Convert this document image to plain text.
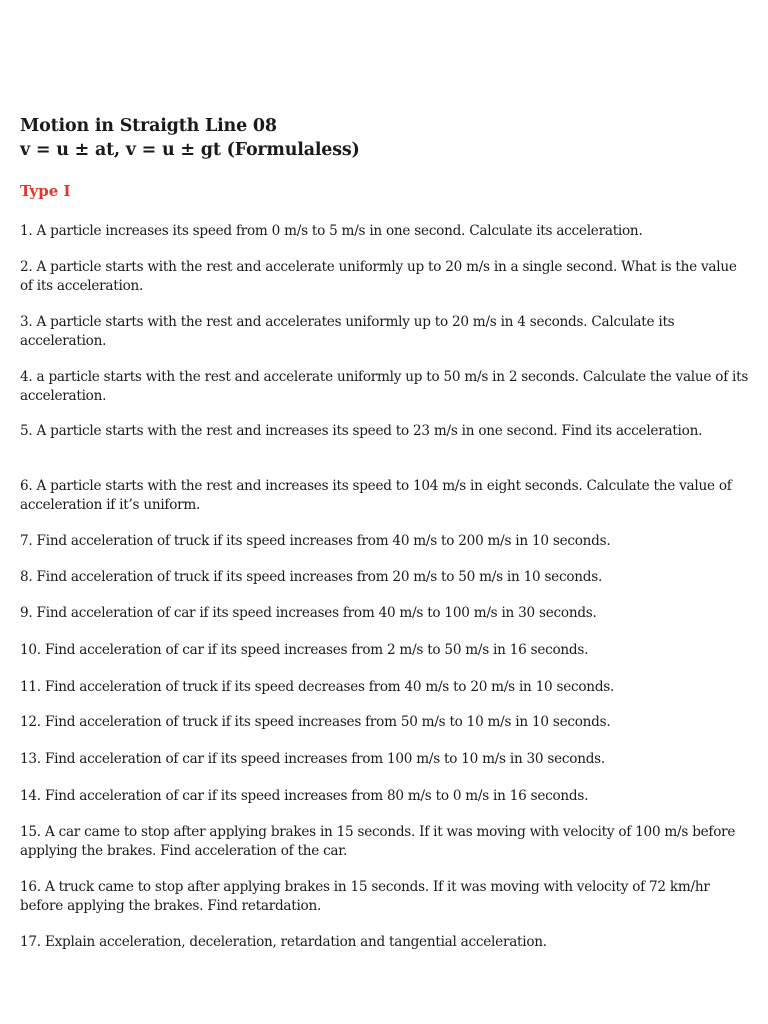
Motion in Straigth Line 08
v = u ± at, v = u ± gt (Formulaless)
Type I
1. A particle increases its speed from 0 m/s to 5 m/s in one second. Calculate its acceleration.
2. A particle starts with the rest and accelerate uniformly up to 20 m/s in a single second. What is the value of its acceleration.
3. A particle starts with the rest and accelerates uniformly up to 20 m/s in 4 seconds. Calculate its acceleration.
4. a particle starts with the rest and accelerate uniformly up to 50 m/s in 2 seconds. Calculate the value of its acceleration.
5. A particle starts with the rest and increases its speed to 23 m/s in one second. Find its acceleration.
6. A particle starts with the rest and increases its speed to 104 m/s in eight seconds. Calculate the value of acceleration if it’s uniform.
7. Find acceleration of truck if its speed increases from 40 m/s to 200 m/s in 10 seconds.
8. Find acceleration of truck if its speed increases from 20 m/s to 50 m/s in 10 seconds.
9. Find acceleration of car if its speed increases from 40 m/s to 100 m/s in 30 seconds.
10. Find acceleration of car if its speed increases from 2 m/s to 50 m/s in 16 seconds.
11. Find acceleration of truck if its speed decreases from 40 m/s to 20 m/s in 10 seconds.
12. Find acceleration of truck if its speed increases from 50 m/s to 10 m/s in 10 seconds.
13. Find acceleration of car if its speed increases from 100 m/s to 10 m/s in 30 seconds.
14. Find acceleration of car if its speed increases from 80 m/s to 0 m/s in 16 seconds.
15. A car came to stop after applying brakes in 15 seconds. If it was moving with velocity of 100 m/s before applying the brakes. Find acceleration of the car.
16. A truck came to stop after applying brakes in 15 seconds. If it was moving with velocity of 72 km/hr before applying the brakes. Find retardation.
17. Explain acceleration, deceleration, retardation and tangential acceleration.
